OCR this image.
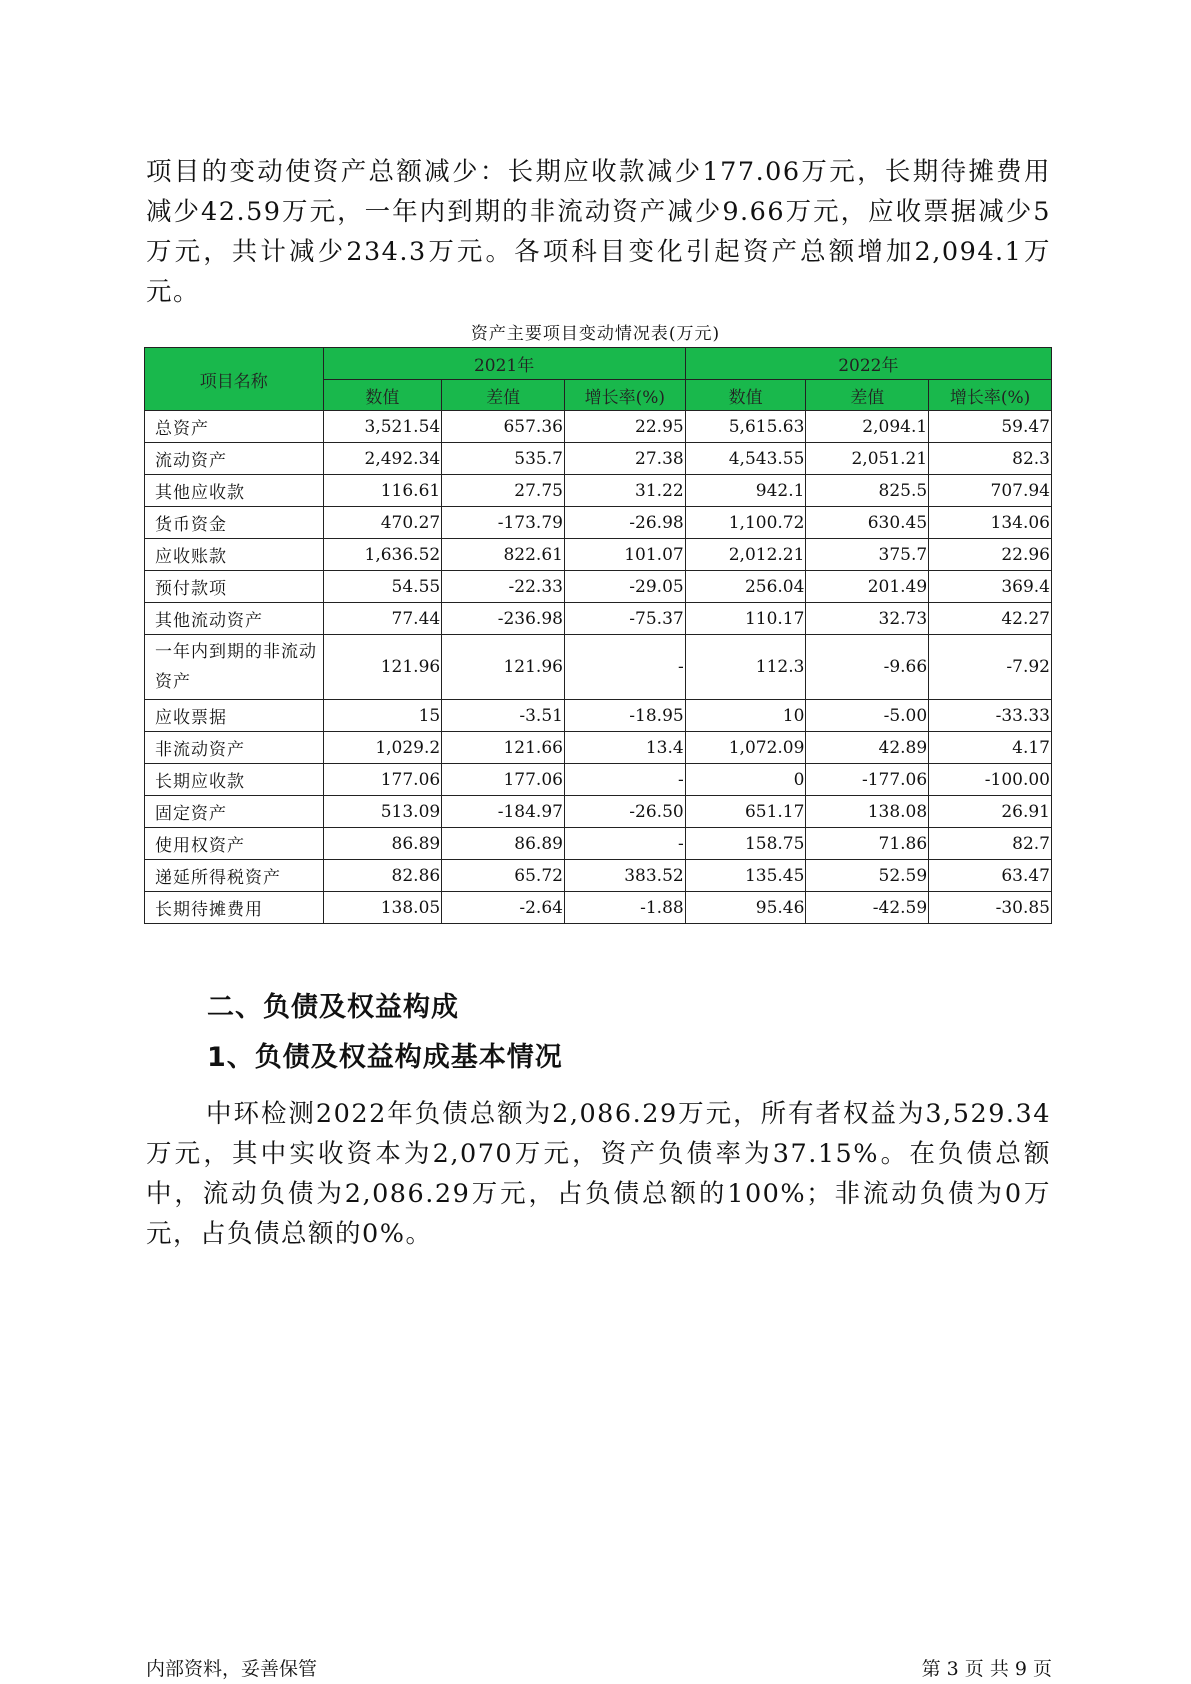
项目的变动使资产总额减少：长期应收款减少177.06万元，长期待摊费用减少42.59万元，一年内到期的非流动资产减少9.66万元，应收票据减少5万元，共计减少234.3万元。各项科目变化引起资产总额增加2,094.1万元。

资产主要项目变动情况表(万元)
项目名称	2021年			2022年		
	数值	差值	增长率(%)	数值	差值	增长率(%)
总资产	3,521.54	657.36	22.95	5,615.63	2,094.1	59.47
流动资产	2,492.34	535.7	27.38	4,543.55	2,051.21	82.3
其他应收款	116.61	27.75	31.22	942.1	825.5	707.94
货币资金	470.27	-173.79	-26.98	1,100.72	630.45	134.06
应收账款	1,636.52	822.61	101.07	2,012.21	375.7	22.96
预付款项	54.55	-22.33	-29.05	256.04	201.49	369.4
其他流动资产	77.44	-236.98	-75.37	110.17	32.73	42.27
一年内到期的非流动资产	121.96	121.96	-	112.3	-9.66	-7.92
应收票据	15	-3.51	-18.95	10	-5.00	-33.33
非流动资产	1,029.2	121.66	13.4	1,072.09	42.89	4.17
长期应收款	177.06	177.06	-	0	-177.06	-100.00
固定资产	513.09	-184.97	-26.50	651.17	138.08	26.91
使用权资产	86.89	86.89	-	158.75	71.86	82.7
递延所得税资产	82.86	65.72	383.52	135.45	52.59	63.47
长期待摊费用	138.05	-2.64	-1.88	95.46	-42.59	-30.85
二、负债及权益构成
1、负债及权益构成基本情况

中环检测2022年负债总额为2,086.29万元，所有者权益为3,529.34万元，其中实收资本为2,070万元，资产负债率为37.15%。在负债总额中，流动负债为2,086.29万元，占负债总额的100%；非流动负债为0万元，占负债总额的0%。

内部资料，妥善保管	第 3 页 共 9 页
